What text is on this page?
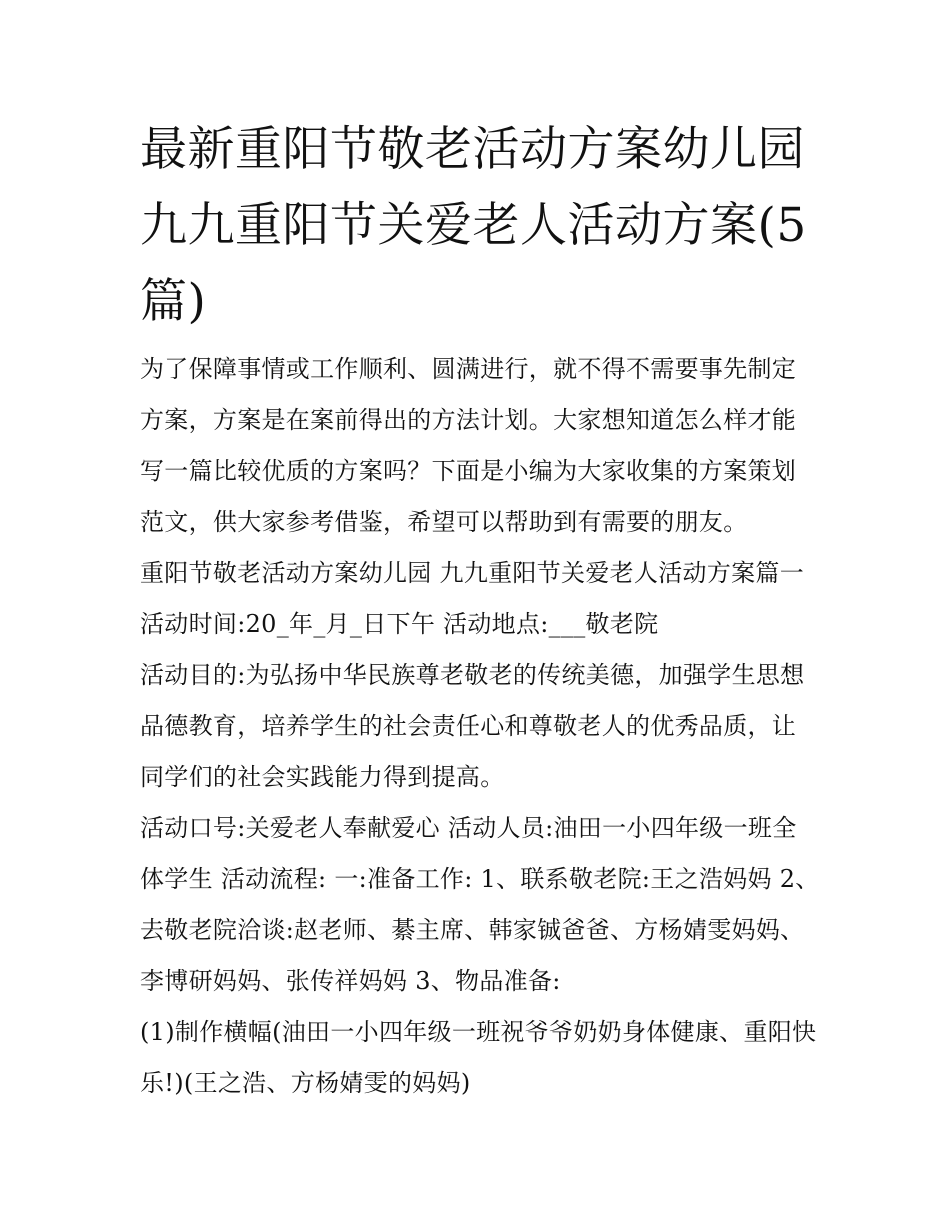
最新重阳节敬老活动方案幼儿园 九九重阳节关爱老人活动方案(5篇)

为了保障事情或工作顺利、圆满进行，就不得不需要事先制定方案，方案是在案前得出的方法计划。大家想知道怎么样才能写一篇比较优质的方案吗？下面是小编为大家收集的方案策划范文，供大家参考借鉴，希望可以帮助到有需要的朋友。

重阳节敬老活动方案幼儿园 九九重阳节关爱老人活动方案篇一 活动时间:20_年_月_日下午 活动地点:___敬老院

活动目的:为弘扬中华民族尊老敬老的传统美德，加强学生思想品德教育，培养学生的社会责任心和尊敬老人的优秀品质，让同学们的社会实践能力得到提高。

活动口号:关爱老人奉献爱心 活动人员:油田一小四年级一班全体学生 活动流程: 一:准备工作: 1、联系敬老院:王之浩妈妈 2、去敬老院洽谈:赵老师、綦主席、韩家铖爸爸、方杨婧雯妈妈、李博研妈妈、张传祥妈妈 3、物品准备:

(1)制作横幅(油田一小四年级一班祝爷爷奶奶身体健康、重阳快乐!)(王之浩、方杨婧雯的妈妈)
